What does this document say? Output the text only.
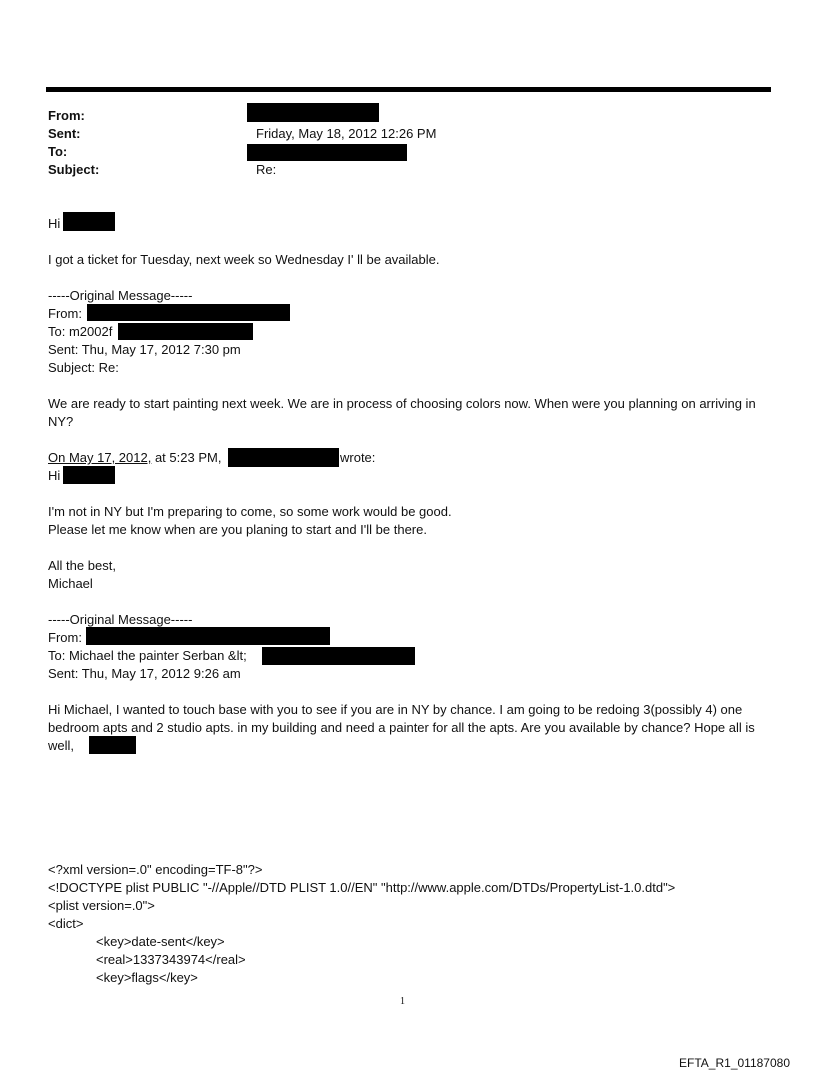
From:
Sent:	Friday, May 18, 2012 12:26 PM
To:
Subject:	Re:
Hi
I got a ticket for Tuesday, next week so Wednesday I' ll be available.
-----Original Message-----
From:
To: m2002f
Sent: Thu, May 17, 2012 7:30 pm
Subject: Re:
We are ready to start painting next week. We are in process of choosing colors now. When were you planning on arriving in NY?
On May 17, 2012, at 5:23 PM,	wrote:
Hi
I'm not in NY but I'm preparing to come, so some work would be good.
Please let me know when are you planing to start and I'll be there.
All the best,
Michael
-----Original Message-----
From:
To: Michael the painter Serban &lt;
Sent: Thu, May 17, 2012 9:26 am
Hi Michael, I wanted to touch base with you to see if you are in NY by chance. I am going to be redoing 3(possibly 4) one bedroom apts and 2 studio apts. in my building and need a painter for all the apts. Are you available by chance? Hope all is well,
<?xml version=.0" encoding=TF-8"?>
<!DOCTYPE plist PUBLIC "-//Apple//DTD PLIST 1.0//EN" "http://www.apple.com/DTDs/PropertyList-1.0.dtd">
<plist version=.0">
<dict>
<key>date-sent</key>
<real>1337343974</real>
<key>flags</key>
1
EFTA_R1_01187080
